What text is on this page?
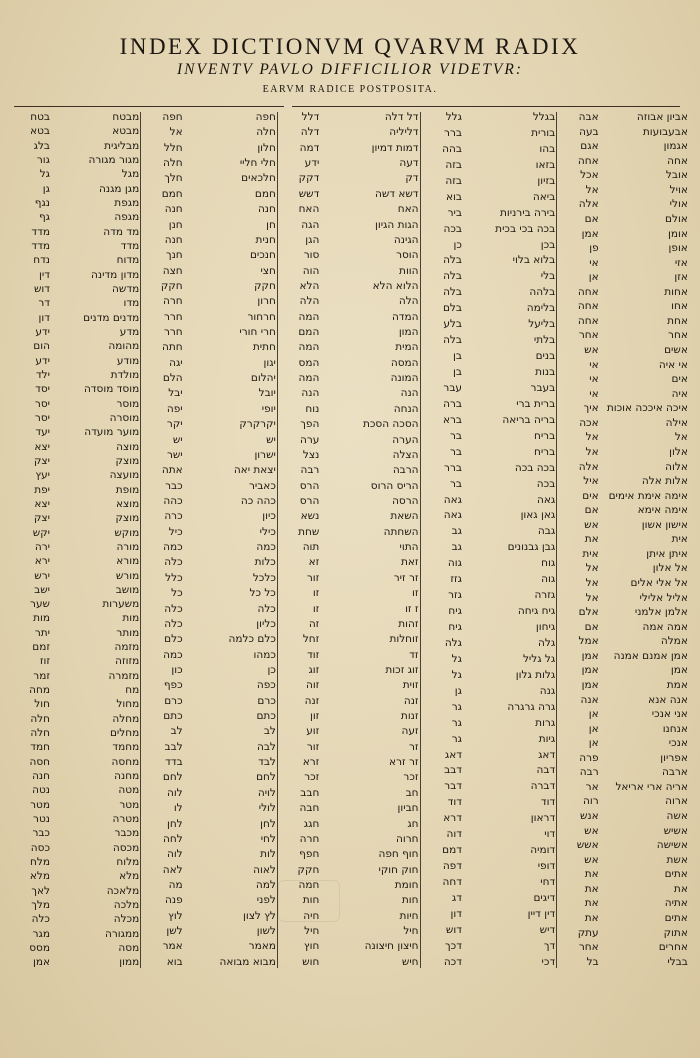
INDEX DICTIONVM QVARVM RADIX
INVENTV PAVLO DIFFICILIOR VIDETVR:
EARVM RADICE POSTPOSITA.
אביון אבוזה
אבעבועות
אגמון
אחה
אובל
אויל
אולי
אולם
אומן
אופן
אזי
אזן
אחות
אחו
אחת
אחר
אשים
אי איה
אים
איה
איכה איככה אוכות
אילה
אל
אלון
אלוה
אלות אלה
אימה אימת אימים
אימה אימא
אישון אשון
אית
איתן איתן
אל אלון
אל אלי אלים
אליל אלילי
אלמן אלמני
אמה אמה
אמלה
אמן אמנם אמנה
אמן
אמת
אנה אנא
אני אנכי
אנחנו
אנכי
אפריון
ארבה
אריה ארי אריאל
ארוה
אשה
אשיש
אשישה
אשת
אתים
את
אתיה
אתים
אתוק
אחרים
בבלי
אבה
בעה
אגם
אחה
אכל
אל
אלה
אם
אמן
פן
אי
אן
אחה
אחה
אחה
אחר
אש
אי
אי
אי
איך
אכה
אל
אל
אלה
איל
אים
אם
אש
את
אית
אל
אל
אל
אלם
אם
אמל
אמן
אמן
אמן
אנה
אן
אן
אן
פרה
רבה
אר
רוה
אנש
אש
אשש
אש
את
את
את
את
עתק
אחר
בל
בגלל
בורית
בהו
בזאו
בזיון
ביאה
בירה בירניות
בכה בכי בכית
בכן
בלוא בלוי
בלי
בלהה
בלימה
בליעל
בלתי
בנים
בנות
בעבר
ברית ברי
בריה בריאה
בריח
בריח
בכה בכה
בכה
גאה
גאן גאון
גבה
גבן גבנונים
גוח
גוה
גזרה
גיח גיחה
גיחון
גלה
גל גליל
גלות גלון
גנה
גרה גרגרה
גרות
גיות
דאג
דבה
דברה
דוד
דראון
דוי
דומיה
דופי
דחי
דיגים
דין דיין
דיש
דך
דכי
גלל
ברר
בהה
בזה
בזה
בוא
ביר
בכה
כן
בלה
בלה
בלה
בלם
בלע
בלה
בן
בן
עבר
ברה
ברא
בר
בר
ברר
בר
גאה
גאה
גב
גב
גוה
גזז
גזר
גיח
גיח
גלה
גל
גל
גן
גר
גר
גר
דאג
דבב
דבר
דוד
דרא
דוה
דמם
דפה
דחה
דג
דון
דוש
דכך
דכה
דל דלה
דליליה
דמות דמיון
דעה
דק
דשא דשה
האח
הגות הגיון
הגינה
הוסר
הוות
הלוא הלא
הלה
המדה
המון
המית
המסה
המונה
הנה
הנחה
הסכה הסכת
הערה
הצלה
הרבה
הריס הרוס
הרסה
השאת
השחתה
התוי
זאת
זר זיר
זו
ז זו
זהות
זוחלות
זד
זוג זכות
זוית
זנה
זנות
זעה
זר
זר זרא
זכר
חב
חביון
חג
חרוה
חוף חפה
חוק חוקי
חומת
חות
חיות
חיל
חיצון חיצונה
חיש
דלל
דלה
דמה
ידע
דקק
דשש
האח
הגה
הגן
סור
הוה
הלא
הלה
המה
המם
המה
המס
המה
הנה
נוח
הפך
ערה
נצל
רבה
הרס
הרס
נשא
שחת
תוה
זא
זור
זו
זו
זה
זחל
זוד
זוג
זוה
זנה
זון
זוע
זור
זרא
זכר
חבב
חבה
חגג
חרה
חפף
חקק
חמה
חות
חיה
חיל
חוץ
חוש
חפה
חלה
חלון
חלי חליי
חלכאים
חמם
חנה
חן
חנית
חנכים
חצי
חקק
חרון
חרחור
חרי חורי
חתית
יגון
יהלום
יובל
יופי
יקרקרק
יש
ישרון
יצאת יאה
כאביר
כהה כה
כיון
כילי
כמה
כלות
כלכל
כל כל
כלה
כליון
כלם כלמה
כמהו
כן
כפה
כרם
כתם
לב
לבה
לבד
לחם
לויה
לולי
לחן
לחי
לות
לאוה
למה
לפני
לץ לצון
לשון
מאמר
מבוא מבואה
חפה
אל
חלל
חלה
חלך
חמם
חנה
חנן
חנה
חנך
חצה
חקק
חרה
חרר
חרר
חתה
יגה
הלם
יבל
יפה
יקר
יש
ישר
אתה
כבר
כהה
כרה
כיל
כמה
כלה
כלל
כל
כלה
כלה
כלם
כמה
כון
כפף
כרם
כתם
לב
לבב
בדד
לחם
לוה
לו
לחן
לחה
לוה
לאה
מה
פנה
לוץ
לשן
אמר
בוא
מבטח
מבטא
מבליגית
מגור מגורה
מגל
מגן מגנה
מגפת
מגפה
מד מדה
מדד
מדוח
מדון מדינה
מדשה
מדו
מדנים מדנים
מדע
מהומה
מודע
מולדת
מוסד מוסדה
מוסר
מוסרה
מוער מועדה
מוצה
מוצק
מועצה
מופת
מוצא
מוצק
מוקש
מורה
מורא
מורש
מושב
משערות
מות
מותר
מזמה
מזוזה
מזמרה
מח
מחול
מחלה
מחלים
מחמד
מחסה
מחנה
מטה
מטר
מטרה
מכבר
מכסה
מלוח
מלא
מלאכה
מלכה
מכלה
ממגורה
מסה
ממון
בטח
בטא
בלג
גור
גל
גן
נגף
גף
מדד
מדד
נדח
דין
דוש
דר
דון
ידע
הום
ידע
ילד
יסד
יסר
יסר
יעד
יצא
יצק
יעץ
יפת
יצא
יצק
יקש
ירה
ירא
ירש
ישב
שער
מות
יתר
זמם
זוז
זמר
מחה
חול
חלה
חלה
חמד
חסה
חנה
נטה
מטר
נטר
כבר
כסה
מלח
מלא
לאך
מלך
כלה
מגר
מסס
אמן
